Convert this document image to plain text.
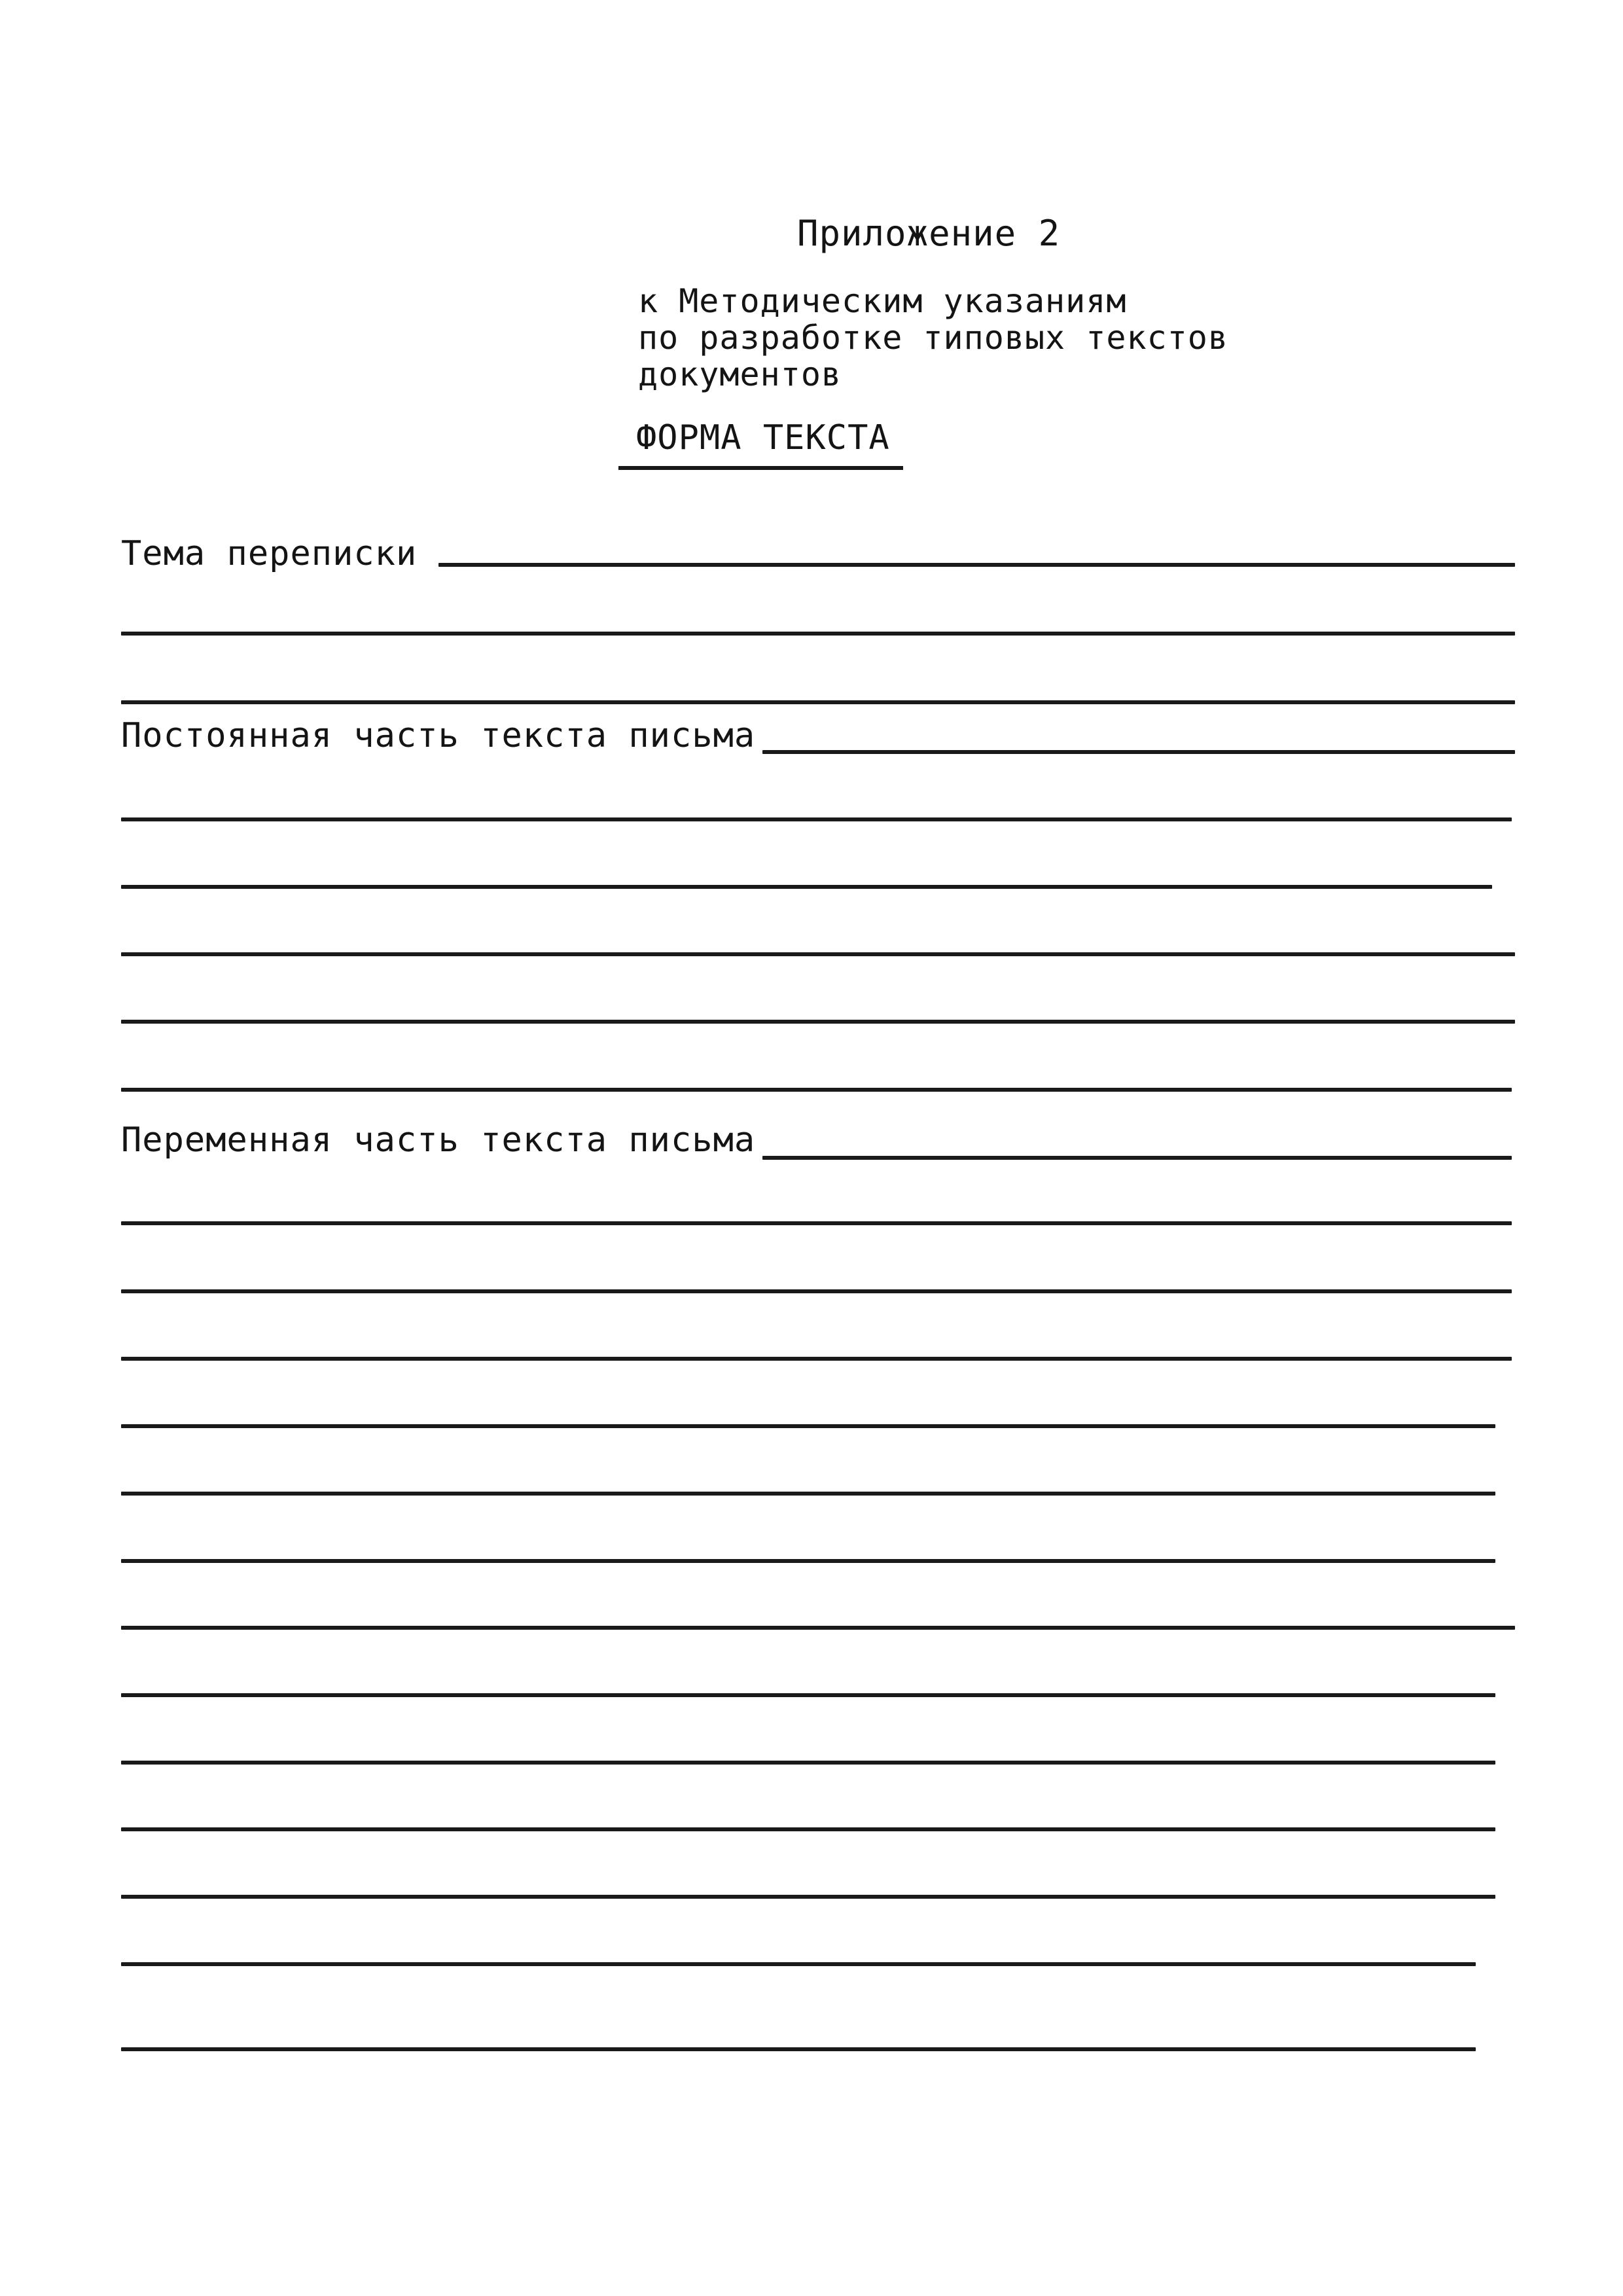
Приложение 2
к Методическим указаниям
по разработке типовых текстов
документов
ФОРМА ТЕКСТА
Тема переписки
Постоянная часть текста письма
Переменная часть текста письма
